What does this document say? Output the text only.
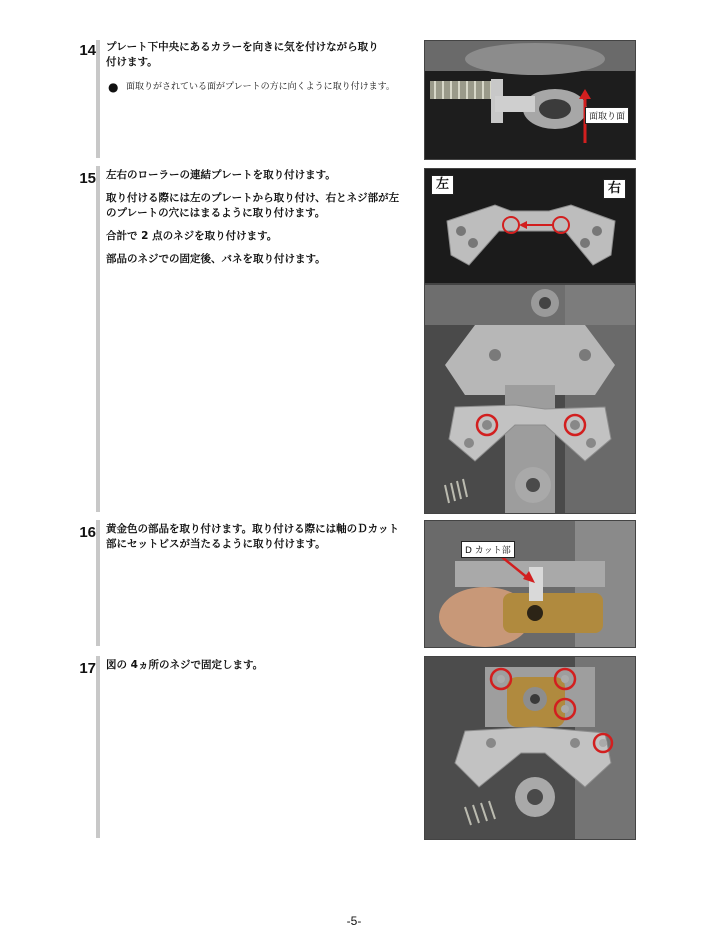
14 プレート下中央にあるカラーを向きに気を付けながら取り
付けます。
● 面取りがされている面がプレートの方に向くように取り付けます。
面取り面
15 左右のローラーの連結プレートを取り付けます。

取り付ける際には左のプレートから取り付け、右とネジ部が左のプレートの穴にはまるように取り付けます。

合計で 2 点のネジを取り付けます。

部品のネジでの固定後、バネを取り付けます。

左	右
16 黄金色の部品を取り付けます。取り付ける際には軸のＤカット部にセットビスが当たるように取り付けます。

D カット部
17 図の 4ヵ所のネジで固定します。

-5-
